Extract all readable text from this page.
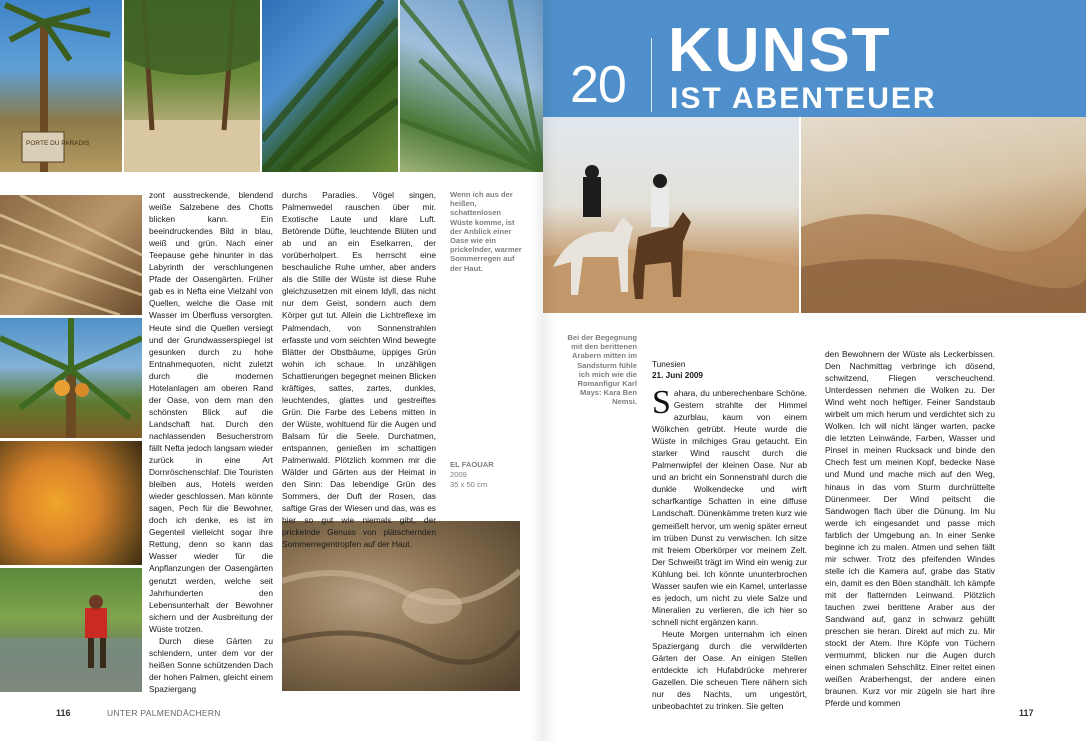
PORTE DU PARADIS
20 KUNST
IST ABENTEUER

zont ausstreckende, blendend weiße Salzebene des Chotts blicken kann. Ein beeindruckendes Bild in blau, weiß und grün. Nach einer Teepause gehe hinunter in das Labyrinth der verschlungenen Pfade der Oasengärten. Früher gab es in Nefta eine Vielzahl von Quellen, welche die Oase mit Wasser im Überfluss versorgten. Heute sind die Quellen versiegt und der Grundwasserspiegel ist gesunken durch zu hohe Entnahmequoten, nicht zuletzt durch die modernen Hotelanlagen am oberen Rand der Oase, von dem man den schönsten Blick auf die Landschaft hat. Durch den nachlassenden Besucherstrom fällt Nefta jedoch langsam wieder zurück in eine Art Dornröschenschlaf. Die Touristen bleiben aus, Hotels werden wieder geschlossen. Man könnte sagen, Pech für die Bewohner, doch ich denke, es ist im Gegenteil vielleicht sogar ihre Rettung, denn so kann das Wasser wieder für die Anpflanzungen der Oasengärten genutzt werden, welche seit Jahrhunderten den Lebensunterhalt der Bewohner sichern und der Ausbreitung der Wüste trotzen.

Durch diese Gärten zu schlendern, unter dem vor der heißen Sonne schützenden Dach der hohen Palmen, gleicht einem Spaziergang

durchs Paradies. Vögel singen, Palmenwedel rauschen über mir. Exotische Laute und klare Luft. Betörende Düfte, leuchtende Blüten und ab und an ein Eselkarren, der vorüberholpert. Es herrscht eine beschauliche Ruhe umher, aber anders als die Stille der Wüste ist diese Ruhe gleichzusetzen mit einem Idyll, das nicht nur dem Geist, sondern auch dem Körper gut tut. Allein die Lichtreflexe im Palmendach, von Sonnenstrahlen erfasste und vom seichten Wind bewegte Blätter der Obstbäume, üppiges Grün wohin ich schaue. In unzähligen Schattierungen begegnet meinen Blicken kräftiges, sattes, zartes, dunkles, leuchtendes, glattes und gestreiftes Grün. Die Farbe des Lebens mitten in der Wüste, wohltuend für die Augen und Balsam für die Seele. Durchatmen, entspannen, genießen im schattigen Palmenwald. Plötzlich kommen mir die Wälder und Gärten aus der Heimat in den Sinn: Das lebendige Grün des Sommers, der Duft der Rosen, das saftige Gras der Wiesen und das, was es hier so gut wie niemals gibt, der prickelnde Genuss von plätschernden Sommerregentropfen auf der Haut.

Wenn ich aus der heißen, schattenlosen Wüste komme, ist der Anblick einer Oase wie ein prickelnder, warmer Sommerregen auf der Haut.
EL FAOUAR
2009
35 x 50 cm
Bei der Begegnung mit den berittenen Arabern mitten im Sandsturm fühle ich mich wie die Romanfigur Karl Mays: Kara Ben Nemsi.
Tunesien
21. Juni 2009

Sahara, du unberechenbare Schöne. Gestern strahlte der Himmel azurblau, kaum von einem Wölkchen getrübt. Heute wurde die Wüste in milchiges Grau getaucht. Ein starker Wind rauscht durch die Palmenwipfel der kleinen Oase. Nur ab und an bricht ein Sonnenstrahl durch die dunkle Wolkendecke und wirft scharfkantige Schatten in eine diffuse Landschaft. Dünenkämme treten kurz wie gemeißelt hervor, um wenig später erneut im trüben Dunst zu verwischen. Ich sitze mit freiem Oberkörper vor meinem Zelt. Der Schweißt trägt im Wind ein wenig zur Kühlung bei. Ich könnte ununterbrochen Wasser saufen wie ein Kamel, unterlasse es jedoch, um nicht zu viele Salze und Mineralien zu verlieren, die ich hier so schnell nicht ergänzen kann.

Heute Morgen unternahm ich einen Spaziergang durch die verwilderten Gärten der Oase. An einigen Stellen entdeckte ich Hufabdrücke mehrerer Gazellen. Die scheuen Tiere nähern sich nur des Nachts, um ungestört, unbeobachtet zu trinken. Sie gelten

den Bewohnern der Wüste als Leckerbissen. Den Nachmittag verbringe ich dösend, schwitzend, Fliegen verscheuchend. Unterdessen nehmen die Wolken zu. Der Wind weht noch heftiger. Feiner Sandstaub wirbelt um mich herum und verdichtet sich zu Wolken. Ich will nicht länger warten, packe die letzten Leinwände, Farben, Wasser und Pinsel in meinen Rucksack und binde den Chech fest um meinen Kopf, bedecke Nase und Mund und mache mich auf den Weg, hinaus in das vom Sturm durchrüttelte Dünenmeer. Der Wind peitscht die Sandwogen flach über die Dünung. Im Nu werde ich eingesandet und passe mich farblich der Umgebung an. In einer Senke beginne ich zu malen. Atmen und sehen fällt mir schwer. Trotz des pfeifenden Windes stelle ich die Kamera auf, grabe das Stativ ein, damit es den Böen standhält. Ich kämpfe mit der flatternden Leinwand. Plötzlich tauchen zwei berittene Araber aus der Sandwand auf, ganz in schwarz gehüllt preschen sie heran. Direkt auf mich zu. Mir stockt der Atem. Ihre Köpfe von Tüchern vermummt, blicken nur die Augen durch einen schmalen Sehschlitz. Einer reitet einen weißen Araberhengst, der andere einen braunen. Kurz vor mir zügeln sie hart ihre Pferde und kommen

116	UNTER PALMENDÄCHERN	117
